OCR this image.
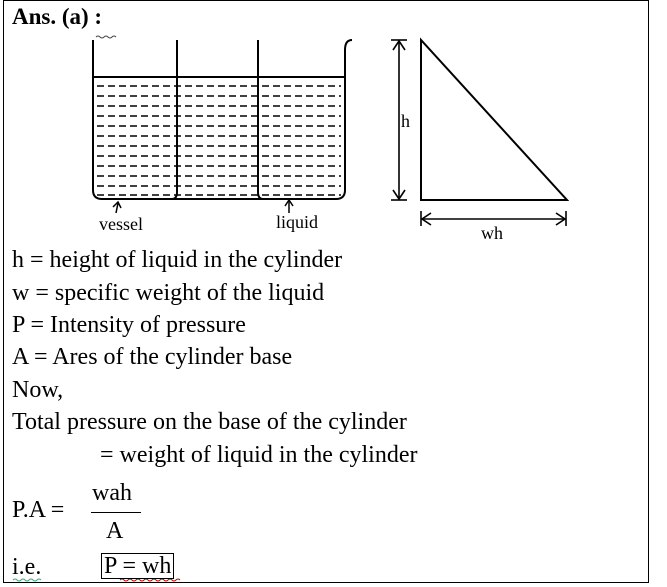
Ans. (a) :
vessel	liquid
h
wh
h = height of liquid in the cylinder
w = specific weight of the liquid
P = Intensity of pressure
A = Ares of the cylinder base
Now,
Total pressure on the base of the cylinder
= weight of liquid in the cylinder
P.A =
wah
A
i.e.	P = wh
